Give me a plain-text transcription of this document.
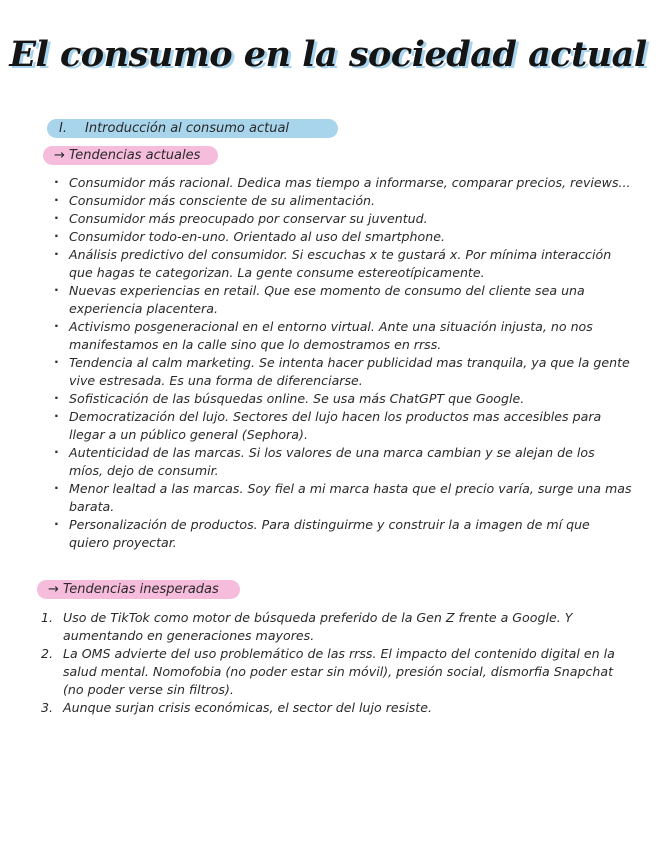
El consumo en la sociedad actual
I. Introducción al consumo actual
→ Tendencias actuales
· Consumidor más racional. Dedica mas tiempo a informarse, comparar precios, reviews...
· Consumidor más consciente de su alimentación.
· Consumidor más preocupado por conservar su juventud.
· Consumidor todo-en-uno. Orientado al uso del smartphone.
· Análisis predictivo del consumidor. Si escuchas x te gustará x. Por mínima interacción que hagas te categorizan. La gente consume estereotípicamente.
· Nuevas experiencias en retail. Que ese momento de consumo del cliente sea una experiencia placentera.
· Activismo posgeneracional en el entorno virtual. Ante una situación injusta, no nos manifestamos en la calle sino que lo demostramos en rrss.
· Tendencia al calm marketing. Se intenta hacer publicidad mas tranquila, ya que la gente vive estresada. Es una forma de diferenciarse.
· Sofisticación de las búsquedas online. Se usa más ChatGPT que Google.
· Democratización del lujo. Sectores del lujo hacen los productos mas accesibles para llegar a un público general (Sephora).
· Autenticidad de las marcas. Si los valores de una marca cambian y se alejan de los míos, dejo de consumir.
· Menor lealtad a las marcas. Soy fiel a mi marca hasta que el precio varía, surge una mas barata.
· Personalización de productos. Para distinguirme y construir la a imagen de mí que quiero proyectar.
→ Tendencias inesperadas
1. Uso de TikTok como motor de búsqueda preferido de la Gen Z frente a Google. Y aumentando en generaciones mayores.
2. La OMS advierte del uso problemático de las rrss. El impacto del contenido digital en la salud mental. Nomofobia (no poder estar sin móvil), presión social, dismorfia Snapchat (no poder verse sin filtros).
3. Aunque surjan crisis económicas, el sector del lujo resiste.
